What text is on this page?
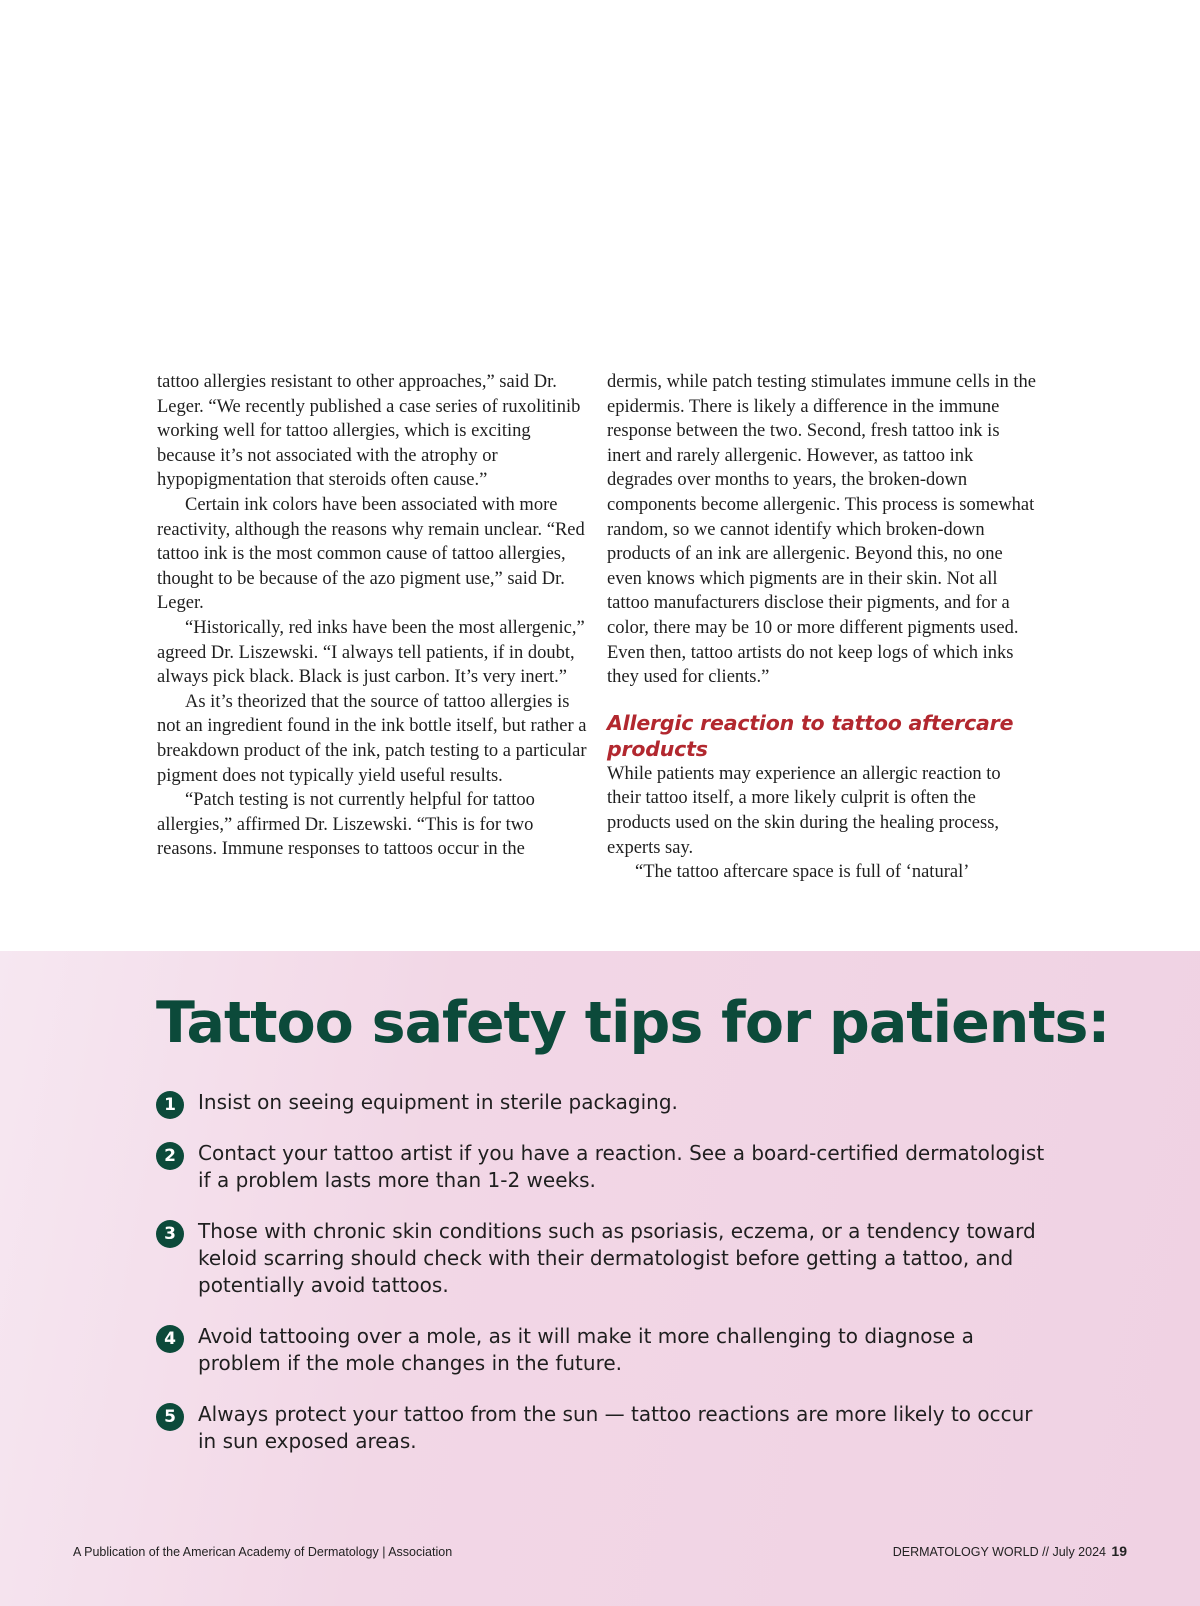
tattoo allergies resistant to other approaches,” said Dr. Leger. “We recently published a case series of ruxolitinib working well for tattoo allergies, which is exciting because it’s not associated with the atrophy or hypopigmentation that steroids often cause.”

Certain ink colors have been associated with more reactivity, although the reasons why remain unclear. “Red tattoo ink is the most common cause of tattoo allergies, thought to be because of the azo pigment use,” said Dr. Leger.

“Historically, red inks have been the most allergenic,” agreed Dr. Liszewski. “I always tell patients, if in doubt, always pick black. Black is just carbon. It’s very inert.”

As it’s theorized that the source of tattoo allergies is not an ingredient found in the ink bottle itself, but rather a breakdown product of the ink, patch testing to a particular pigment does not typically yield useful results.

“Patch testing is not currently helpful for tattoo allergies,” affirmed Dr. Liszewski. “This is for two reasons. Immune responses to tattoos occur in the

dermis, while patch testing stimulates immune cells in the epidermis. There is likely a difference in the immune response between the two. Second, fresh tattoo ink is inert and rarely allergenic. However, as tattoo ink degrades over months to years, the broken-down components become allergenic. This process is somewhat random, so we cannot identify which broken-down products of an ink are allergenic. Beyond this, no one even knows which pigments are in their skin. Not all tattoo manufacturers disclose their pigments, and for a color, there may be 10 or more different pigments used. Even then, tattoo artists do not keep logs of which inks they used for clients.”

Allergic reaction to tattoo aftercare products

While patients may experience an allergic reaction to their tattoo itself, a more likely culprit is often the products used on the skin during the healing process, experts say.

“The tattoo aftercare space is full of ‘natural’

Tattoo safety tips for patients:
1	Insist on seeing equipment in sterile packaging.
2	Contact your tattoo artist if you have a reaction. See a board-certified dermatologist if a problem lasts more than 1-2 weeks.
3	Those with chronic skin conditions such as psoriasis, eczema, or a tendency toward keloid scarring should check with their dermatologist before getting a tattoo, and potentially avoid tattoos.
4	Avoid tattooing over a mole, as it will make it more challenging to diagnose a problem if the mole changes in the future.
5	Always protect your tattoo from the sun — tattoo reactions are more likely to occur in sun exposed areas.
A Publication of the American Academy of Dermatology | Association	DERMATOLOGY WORLD // July 2024 19
